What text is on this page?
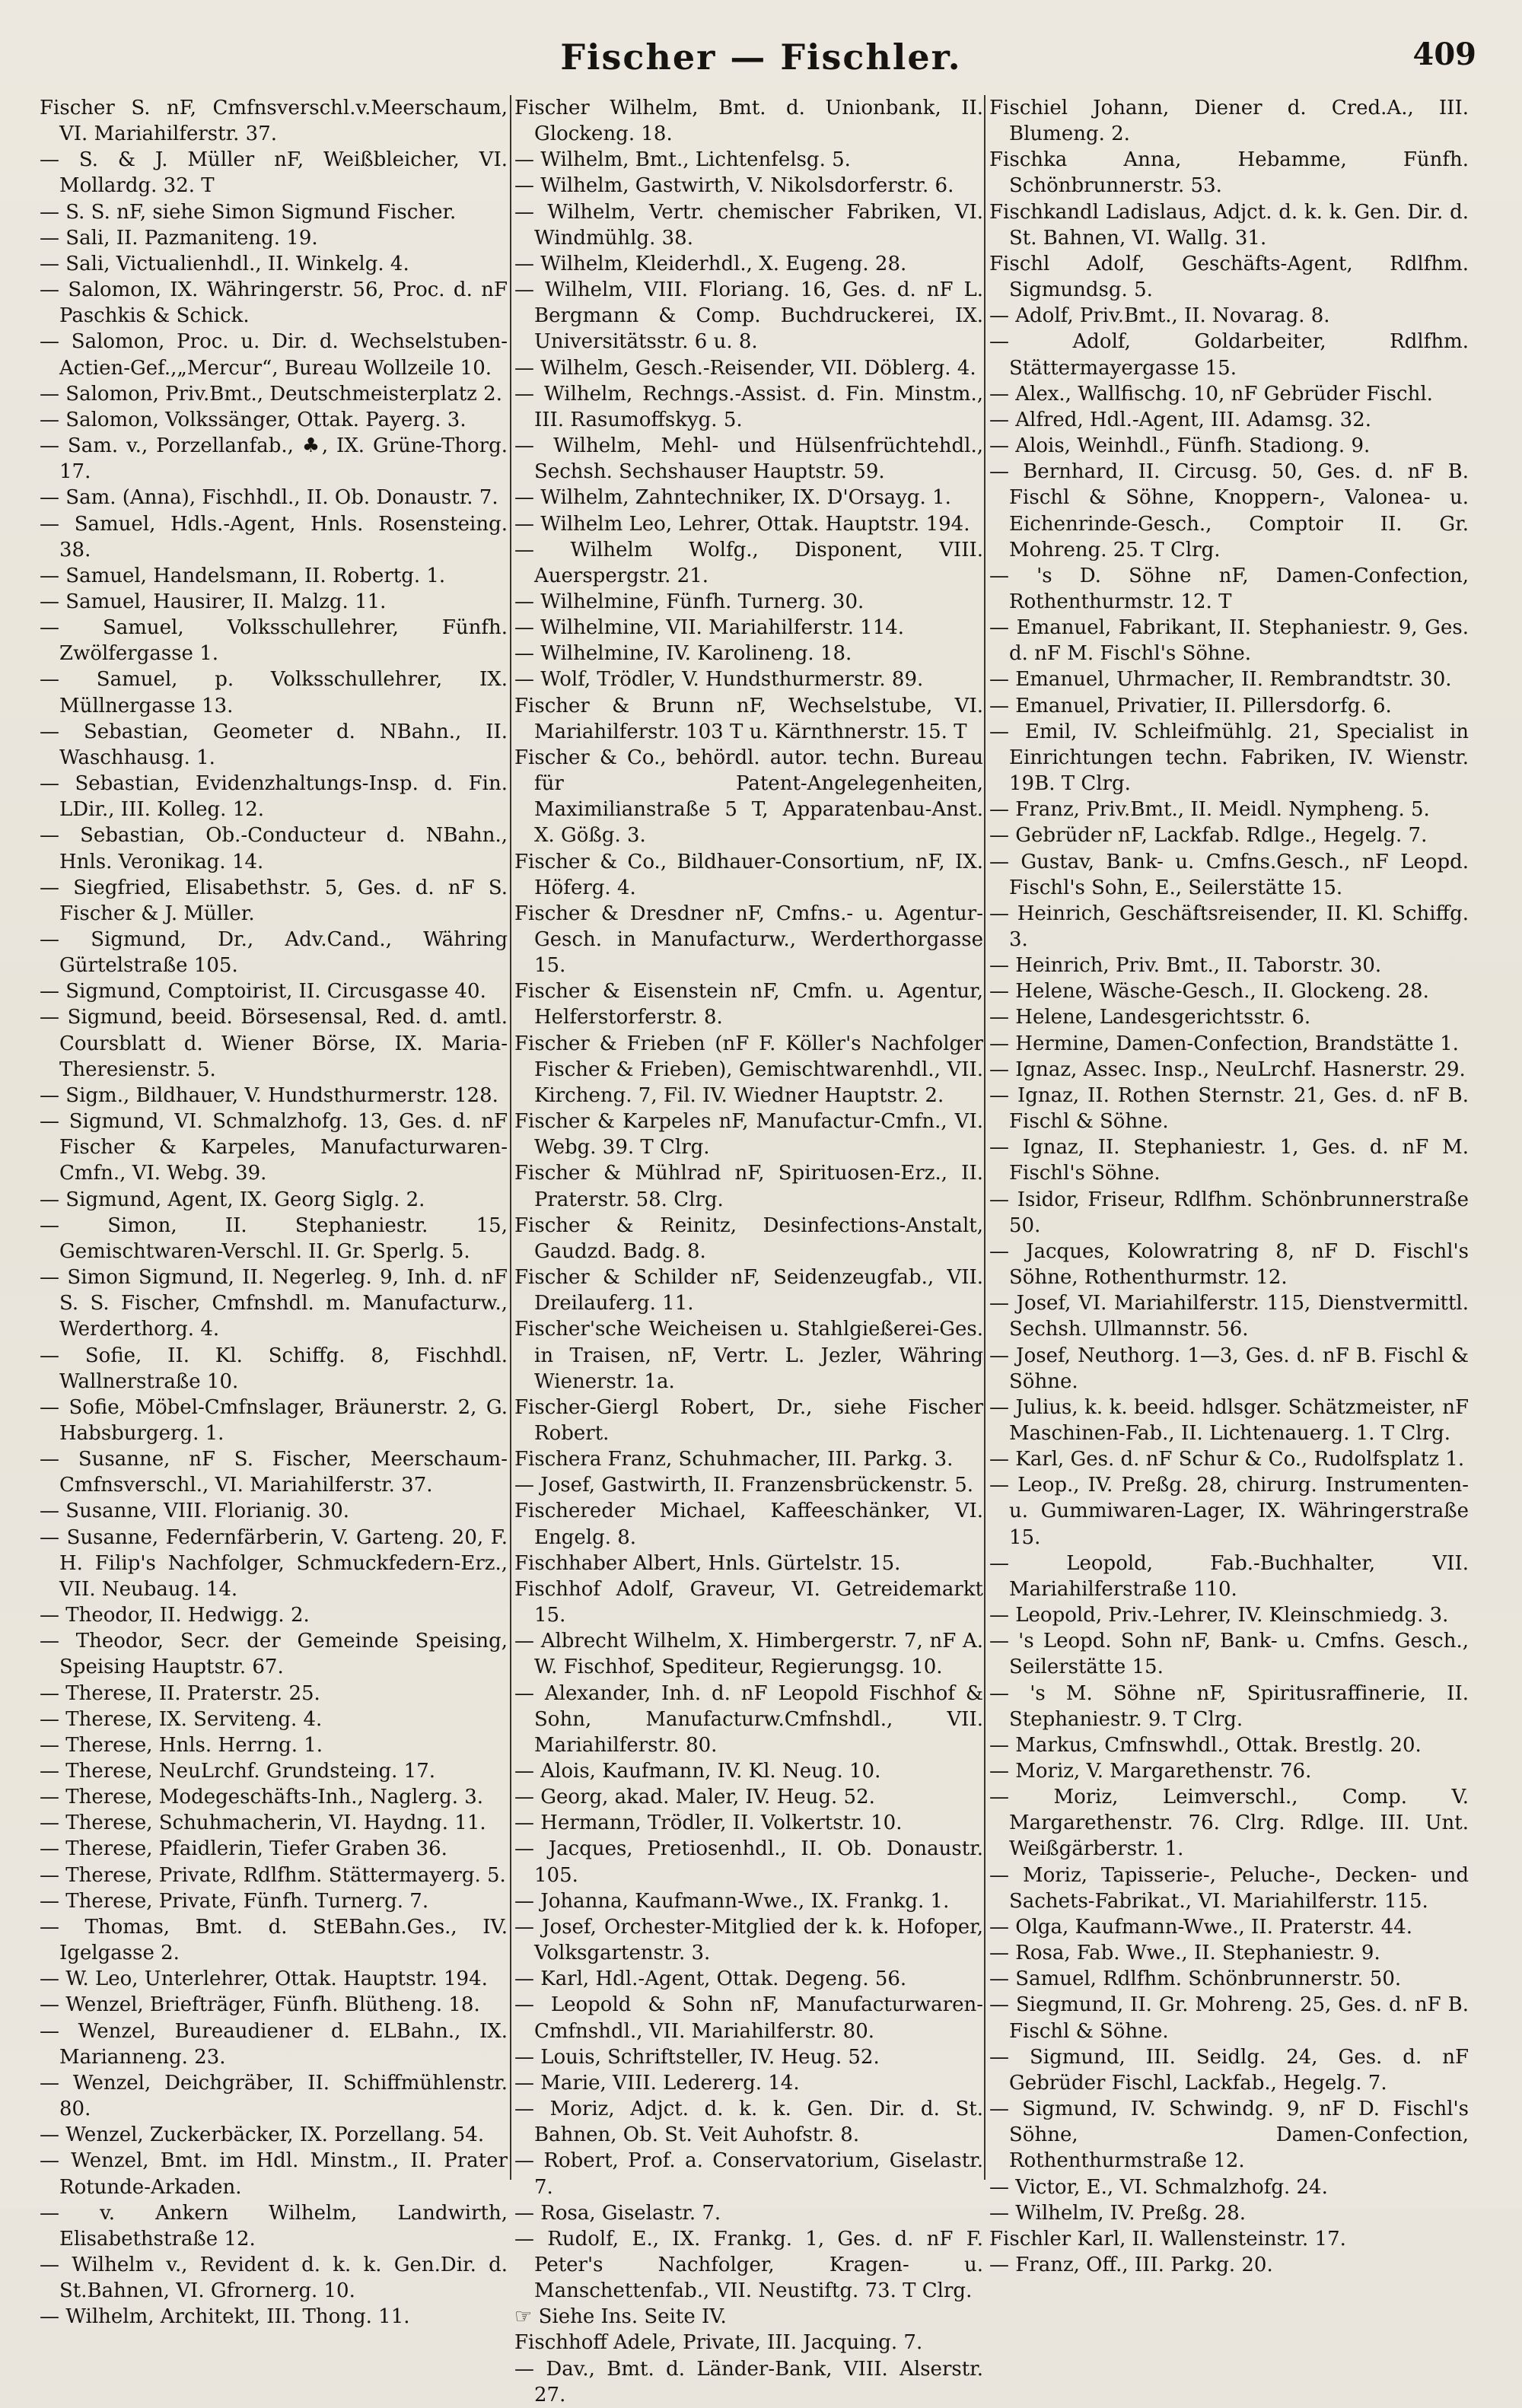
Fischer — Fischler.	409
Fischer S. nF, Cmfnsverschl.v.Meerschaum, VI. Mariahilferstr. 37.
— S. & J. Müller nF, Weißbleicher, VI. Mollardg. 32. T
— S. S. nF, siehe Simon Sigmund Fischer.
— Sali, II. Pazmaniteng. 19.
— Sali, Victualienhdl., II. Winkelg. 4.
— Salomon, IX. Währingerstr. 56, Proc. d. nF Paschkis & Schick.
— Salomon, Proc. u. Dir. d. Wechselstuben-Actien-Gef.,„Mercur“, Bureau Wollzeile 10.
— Salomon, Priv.Bmt., Deutschmeisterplatz 2.
— Salomon, Volkssänger, Ottak. Payerg. 3.
— Sam. v., Porzellanfab., ♣, IX. Grüne-Thorg. 17.
— Sam. (Anna), Fischhdl., II. Ob. Donaustr. 7.
— Samuel, Hdls.-Agent, Hnls. Rosensteing. 38.
— Samuel, Handelsmann, II. Robertg. 1.
— Samuel, Hausirer, II. Malzg. 11.
— Samuel, Volksschullehrer, Fünfh. Zwölfergasse 1.
— Samuel, p. Volksschullehrer, IX. Müllnergasse 13.
— Sebastian, Geometer d. NBahn., II. Waschhausg. 1.
— Sebastian, Evidenzhaltungs-Insp. d. Fin. LDir., III. Kolleg. 12.
— Sebastian, Ob.-Conducteur d. NBahn., Hnls. Veronikag. 14.
— Siegfried, Elisabethstr. 5, Ges. d. nF S. Fischer & J. Müller.
— Sigmund, Dr., Adv.Cand., Währing Gürtelstraße 105.
— Sigmund, Comptoirist, II. Circusgasse 40.
— Sigmund, beeid. Börsesensal, Red. d. amtl. Coursblatt d. Wiener Börse, IX. Maria-Theresienstr. 5.
— Sigm., Bildhauer, V. Hundsthurmerstr. 128.
— Sigmund, VI. Schmalzhofg. 13, Ges. d. nF Fischer & Karpeles, Manufacturwaren-Cmfn., VI. Webg. 39.
— Sigmund, Agent, IX. Georg Siglg. 2.
— Simon, II. Stephaniestr. 15, Gemischtwaren-Verschl. II. Gr. Sperlg. 5.
— Simon Sigmund, II. Negerleg. 9, Inh. d. nF S. S. Fischer, Cmfnshdl. m. Manufacturw., Werderthorg. 4.
— Sofie, II. Kl. Schiffg. 8, Fischhdl. Wallnerstraße 10.
— Sofie, Möbel-Cmfnslager, Bräunerstr. 2, G. Habsburgerg. 1.
— Susanne, nF S. Fischer, Meerschaum-Cmfnsverschl., VI. Mariahilferstr. 37.
— Susanne, VIII. Florianig. 30.
— Susanne, Federnfärberin, V. Garteng. 20, F. H. Filip's Nachfolger, Schmuckfedern-Erz., VII. Neubaug. 14.
— Theodor, II. Hedwigg. 2.
— Theodor, Secr. der Gemeinde Speising, Speising Hauptstr. 67.
— Therese, II. Praterstr. 25.
— Therese, IX. Serviteng. 4.
— Therese, Hnls. Herrng. 1.
— Therese, NeuLrchf. Grundsteing. 17.
— Therese, Modegeschäfts-Inh., Naglerg. 3.
— Therese, Schuhmacherin, VI. Haydng. 11.
— Therese, Pfaidlerin, Tiefer Graben 36.
— Therese, Private, Rdlfhm. Stättermayerg. 5.
— Therese, Private, Fünfh. Turnerg. 7.
— Thomas, Bmt. d. StEBahn.Ges., IV. Igelgasse 2.
— W. Leo, Unterlehrer, Ottak. Hauptstr. 194.
— Wenzel, Briefträger, Fünfh. Blütheng. 18.
— Wenzel, Bureaudiener d. ELBahn., IX. Marianneng. 23.
— Wenzel, Deichgräber, II. Schiffmühlenstr. 80.
— Wenzel, Zuckerbäcker, IX. Porzellang. 54.
— Wenzel, Bmt. im Hdl. Minstm., II. Prater Rotunde-Arkaden.
— v. Ankern Wilhelm, Landwirth, Elisabethstraße 12.
— Wilhelm v., Revident d. k. k. Gen.Dir. d. St.Bahnen, VI. Gfrornerg. 10.
— Wilhelm, Architekt, III. Thong. 11.
Fischer Wilhelm, Bmt. d. Unionbank, II. Glockeng. 18.
— Wilhelm, Bmt., Lichtenfelsg. 5.
— Wilhelm, Gastwirth, V. Nikolsdorferstr. 6.
— Wilhelm, Vertr. chemischer Fabriken, VI. Windmühlg. 38.
— Wilhelm, Kleiderhdl., X. Eugeng. 28.
— Wilhelm, VIII. Floriang. 16, Ges. d. nF L. Bergmann & Comp. Buchdruckerei, IX. Universitätsstr. 6 u. 8.
— Wilhelm, Gesch.-Reisender, VII. Döblerg. 4.
— Wilhelm, Rechngs.-Assist. d. Fin. Minstm., III. Rasumoffskyg. 5.
— Wilhelm, Mehl- und Hülsenfrüchtehdl., Sechsh. Sechshauser Hauptstr. 59.
— Wilhelm, Zahntechniker, IX. D'Orsayg. 1.
— Wilhelm Leo, Lehrer, Ottak. Hauptstr. 194.
— Wilhelm Wolfg., Disponent, VIII. Auerspergstr. 21.
— Wilhelmine, Fünfh. Turnerg. 30.
— Wilhelmine, VII. Mariahilferstr. 114.
— Wilhelmine, IV. Karolineng. 18.
— Wolf, Trödler, V. Hundsthurmerstr. 89.
Fischer & Brunn nF, Wechselstube, VI. Mariahilferstr. 103 T u. Kärnthnerstr. 15. T
Fischer & Co., behördl. autor. techn. Bureau für Patent-Angelegenheiten, Maximilianstraße 5 T, Apparatenbau-Anst. X. Gößg. 3.
Fischer & Co., Bildhauer-Consortium, nF, IX. Höferg. 4.
Fischer & Dresdner nF, Cmfns.- u. Agentur-Gesch. in Manufacturw., Werderthorgasse 15.
Fischer & Eisenstein nF, Cmfn. u. Agentur, Helferstorferstr. 8.
Fischer & Frieben (nF F. Köller's Nachfolger Fischer & Frieben), Gemischtwarenhdl., VII. Kircheng. 7, Fil. IV. Wiedner Hauptstr. 2.
Fischer & Karpeles nF, Manufactur-Cmfn., VI. Webg. 39. T Clrg.
Fischer & Mühlrad nF, Spirituosen-Erz., II. Praterstr. 58. Clrg.
Fischer & Reinitz, Desinfections-Anstalt, Gaudzd. Badg. 8.
Fischer & Schilder nF, Seidenzeugfab., VII. Dreilauferg. 11.
Fischer'sche Weicheisen u. Stahlgießerei-Ges. in Traisen, nF, Vertr. L. Jezler, Währing Wienerstr. 1a.
Fischer-Giergl Robert, Dr., siehe Fischer Robert.
Fischera Franz, Schuhmacher, III. Parkg. 3.
— Josef, Gastwirth, II. Franzensbrückenstr. 5.
Fischereder Michael, Kaffeeschänker, VI. Engelg. 8.
Fischhaber Albert, Hnls. Gürtelstr. 15.
Fischhof Adolf, Graveur, VI. Getreidemarkt 15.
— Albrecht Wilhelm, X. Himbergerstr. 7, nF A. W. Fischhof, Spediteur, Regierungsg. 10.
— Alexander, Inh. d. nF Leopold Fischhof & Sohn, Manufacturw.Cmfnshdl., VII. Mariahilferstr. 80.
— Alois, Kaufmann, IV. Kl. Neug. 10.
— Georg, akad. Maler, IV. Heug. 52.
— Hermann, Trödler, II. Volkertstr. 10.
— Jacques, Pretiosenhdl., II. Ob. Donaustr. 105.
— Johanna, Kaufmann-Wwe., IX. Frankg. 1.
— Josef, Orchester-Mitglied der k. k. Hofoper, Volksgartenstr. 3.
— Karl, Hdl.-Agent, Ottak. Degeng. 56.
— Leopold & Sohn nF, Manufacturwaren-Cmfnshdl., VII. Mariahilferstr. 80.
— Louis, Schriftsteller, IV. Heug. 52.
— Marie, VIII. Ledererg. 14.
— Moriz, Adjct. d. k. k. Gen. Dir. d. St. Bahnen, Ob. St. Veit Auhofstr. 8.
— Robert, Prof. a. Conservatorium, Giselastr. 7.
— Rosa, Giselastr. 7.
— Rudolf, E., IX. Frankg. 1, Ges. d. nF F. Peter's Nachfolger, Kragen- u. Manschettenfab., VII. Neustiftg. 73. T Clrg.
☞ Siehe Ins. Seite IV.
Fischhoff Adele, Private, III. Jacquing. 7.
— Dav., Bmt. d. Länder-Bank, VIII. Alserstr. 27.
Fischiel Johann, Diener d. Cred.A., III. Blumeng. 2.
Fischka Anna, Hebamme, Fünfh. Schönbrunnerstr. 53.
Fischkandl Ladislaus, Adjct. d. k. k. Gen. Dir. d. St. Bahnen, VI. Wallg. 31.
Fischl Adolf, Geschäfts-Agent, Rdlfhm. Sigmundsg. 5.
— Adolf, Priv.Bmt., II. Novarag. 8.
— Adolf, Goldarbeiter, Rdlfhm. Stättermayergasse 15.
— Alex., Wallfischg. 10, nF Gebrüder Fischl.
— Alfred, Hdl.-Agent, III. Adamsg. 32.
— Alois, Weinhdl., Fünfh. Stadiong. 9.
— Bernhard, II. Circusg. 50, Ges. d. nF B. Fischl & Söhne, Knoppern-, Valonea- u. Eichenrinde-Gesch., Comptoir II. Gr. Mohreng. 25. T Clrg.
— 's D. Söhne nF, Damen-Confection, Rothenthurmstr. 12. T
— Emanuel, Fabrikant, II. Stephaniestr. 9, Ges. d. nF M. Fischl's Söhne.
— Emanuel, Uhrmacher, II. Rembrandtstr. 30.
— Emanuel, Privatier, II. Pillersdorfg. 6.
— Emil, IV. Schleifmühlg. 21, Specialist in Einrichtungen techn. Fabriken, IV. Wienstr. 19B. T Clrg.
— Franz, Priv.Bmt., II. Meidl. Nympheng. 5.
— Gebrüder nF, Lackfab. Rdlge., Hegelg. 7.
— Gustav, Bank- u. Cmfns.Gesch., nF Leopd. Fischl's Sohn, E., Seilerstätte 15.
— Heinrich, Geschäftsreisender, II. Kl. Schiffg. 3.
— Heinrich, Priv. Bmt., II. Taborstr. 30.
— Helene, Wäsche-Gesch., II. Glockeng. 28.
— Helene, Landesgerichtsstr. 6.
— Hermine, Damen-Confection, Brandstätte 1.
— Ignaz, Assec. Insp., NeuLrchf. Hasnerstr. 29.
— Ignaz, II. Rothen Sternstr. 21, Ges. d. nF B. Fischl & Söhne.
— Ignaz, II. Stephaniestr. 1, Ges. d. nF M. Fischl's Söhne.
— Isidor, Friseur, Rdlfhm. Schönbrunnerstraße 50.
— Jacques, Kolowratring 8, nF D. Fischl's Söhne, Rothenthurmstr. 12.
— Josef, VI. Mariahilferstr. 115, Dienstvermittl. Sechsh. Ullmannstr. 56.
— Josef, Neuthorg. 1—3, Ges. d. nF B. Fischl & Söhne.
— Julius, k. k. beeid. hdlsger. Schätzmeister, nF Maschinen-Fab., II. Lichtenauerg. 1. T Clrg.
— Karl, Ges. d. nF Schur & Co., Rudolfsplatz 1.
— Leop., IV. Preßg. 28, chirurg. Instrumenten- u. Gummiwaren-Lager, IX. Währingerstraße 15.
— Leopold, Fab.-Buchhalter, VII. Mariahilferstraße 110.
— Leopold, Priv.-Lehrer, IV. Kleinschmiedg. 3.
— 's Leopd. Sohn nF, Bank- u. Cmfns. Gesch., Seilerstätte 15.
— 's M. Söhne nF, Spiritusraffinerie, II. Stephaniestr. 9. T Clrg.
— Markus, Cmfnswhdl., Ottak. Brestlg. 20.
— Moriz, V. Margarethenstr. 76.
— Moriz, Leimverschl., Comp. V. Margarethenstr. 76. Clrg. Rdlge. III. Unt. Weißgärberstr. 1.
— Moriz, Tapisserie-, Peluche-, Decken- und Sachets-Fabrikat., VI. Mariahilferstr. 115.
— Olga, Kaufmann-Wwe., II. Praterstr. 44.
— Rosa, Fab. Wwe., II. Stephaniestr. 9.
— Samuel, Rdlfhm. Schönbrunnerstr. 50.
— Siegmund, II. Gr. Mohreng. 25, Ges. d. nF B. Fischl & Söhne.
— Sigmund, III. Seidlg. 24, Ges. d. nF Gebrüder Fischl, Lackfab., Hegelg. 7.
— Sigmund, IV. Schwindg. 9, nF D. Fischl's Söhne, Damen-Confection, Rothenthurmstraße 12.
— Victor, E., VI. Schmalzhofg. 24.
— Wilhelm, IV. Preßg. 28.
Fischler Karl, II. Wallensteinstr. 17.
— Franz, Off., III. Parkg. 20.
